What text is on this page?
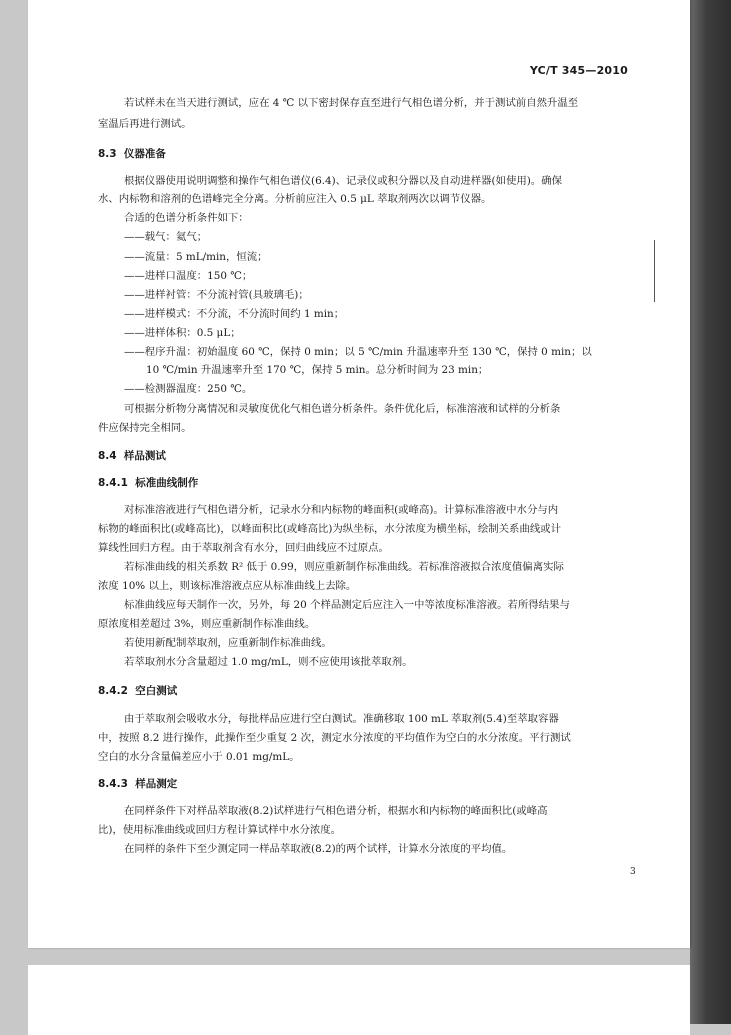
YC/T 345—2010
若试样未在当天进行测试，应在 4 ℃ 以下密封保存直至进行气相色谱分析，并于测试前自然升温至
室温后再进行测试。
8.3 仪器准备
根据仪器使用说明调整和操作气相色谱仪(6.4)、记录仪或积分器以及自动进样器(如使用)。确保
水、内标物和溶剂的色谱峰完全分离。分析前应注入 0.5 μL 萃取剂两次以调节仪器。
合适的色谱分析条件如下：
——载气：氦气；
——流量：5 mL/min，恒流；
——进样口温度：150 ℃；
——进样衬管：不分流衬管(具玻璃毛)；
——进样模式：不分流，不分流时间约 1 min；
——进样体积：0.5 μL；
——程序升温：初始温度 60 ℃，保持 0 min；以 5 ℃/min 升温速率升至 130 ℃，保持 0 min；以
10 ℃/min 升温速率升至 170 ℃，保持 5 min。总分析时间为 23 min；
——检测器温度：250 ℃。
可根据分析物分离情况和灵敏度优化气相色谱分析条件。条件优化后，标准溶液和试样的分析条
件应保持完全相同。
8.4 样品测试
8.4.1 标准曲线制作
对标准溶液进行气相色谱分析，记录水分和内标物的峰面积(或峰高)。计算标准溶液中水分与内
标物的峰面积比(或峰高比)，以峰面积比(或峰高比)为纵坐标，水分浓度为横坐标，绘制关系曲线或计
算线性回归方程。由于萃取剂含有水分，回归曲线应不过原点。
若标准曲线的相关系数 R² 低于 0.99，则应重新制作标准曲线。若标准溶液拟合浓度值偏离实际
浓度 10% 以上，则该标准溶液点应从标准曲线上去除。
标准曲线应每天制作一次，另外，每 20 个样品测定后应注入一中等浓度标准溶液。若所得结果与
原浓度相差超过 3%，则应重新制作标准曲线。
若使用新配制萃取剂，应重新制作标准曲线。
若萃取剂水分含量超过 1.0 mg/mL，则不应使用该批萃取剂。
8.4.2 空白测试
由于萃取剂会吸收水分，每批样品应进行空白测试。准确移取 100 mL 萃取剂(5.4)至萃取容器
中，按照 8.2 进行操作，此操作至少重复 2 次，测定水分浓度的平均值作为空白的水分浓度。平行测试
空白的水分含量偏差应小于 0.01 mg/mL。
8.4.3 样品测定
在同样条件下对样品萃取液(8.2)试样进行气相色谱分析，根据水和内标物的峰面积比(或峰高
比)，使用标准曲线或回归方程计算试样中水分浓度。
在同样的条件下至少测定同一样品萃取液(8.2)的两个试样，计算水分浓度的平均值。
3
